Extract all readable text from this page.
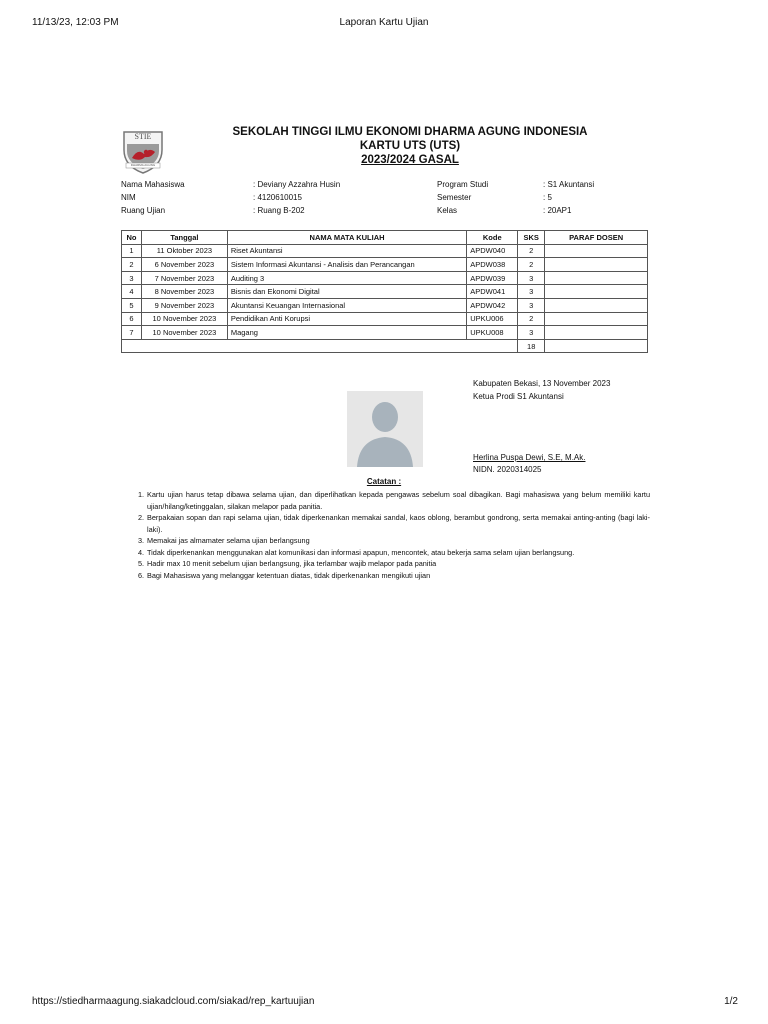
11/13/23, 12:03 PM	Laporan Kartu Ujian
STIE
DHARMA AGUNG
SEKOLAH TINGGI ILMU EKONOMI DHARMA AGUNG INDONESIA
KARTU UTS (UTS)
2023/2024 GASAL
Nama Mahasiswa	: Deviany Azzahra Husin
NIM	: 4120610015
Ruang Ujian	: Ruang B-202
Program Studi	: S1 Akuntansi
Semester	: 5
Kelas	: 20AP1
No	Tanggal	NAMA MATA KULIAH	Kode	SKS	PARAF DOSEN
1	11 Oktober 2023	Riset Akuntansi	APDW040	2	
2	6 November 2023	Sistem Informasi Akuntansi - Analisis dan Perancangan	APDW038	2	
3	7 November 2023	Auditing 3	APDW039	3	
4	8 November 2023	Bisnis dan Ekonomi Digital	APDW041	3	
5	9 November 2023	Akuntansi Keuangan Internasional	APDW042	3	
6	10 November 2023	Pendidikan Anti Korupsi	UPKU006	2	
7	10 November 2023	Magang	UPKU008	3	
				18	
Kabupaten Bekasi, 13 November 2023
Ketua Prodi S1 Akuntansi
Herlina Puspa Dewi, S.E, M.Ak.
NIDN. 2020314025
Catatan :
1. Kartu ujian harus tetap dibawa selama ujian, dan diperlihatkan kepada pengawas sebelum soal dibagikan. Bagi mahasiswa yang belum memiliki kartu ujian/hilang/ketinggalan, silakan melapor pada panitia.
2. Berpakaian sopan dan rapi selama ujian, tidak diperkenankan memakai sandal, kaos oblong, berambut gondrong, serta memakai anting-anting (bagi laki-laki).
3. Memakai jas almamater selama ujian berlangsung
4. Tidak diperkenankan menggunakan alat komunikasi dan informasi apapun, mencontek, atau bekerja sama selam ujian berlangsung.
5. Hadir max 10 menit sebelum ujian berlangsung, jika terlambar wajib melapor pada panitia
6. Bagi Mahasiswa yang melanggar ketentuan diatas, tidak diperkenankan mengikuti ujian
https://stiedharmaagung.siakadcloud.com/siakad/rep_kartuujian	1/2
